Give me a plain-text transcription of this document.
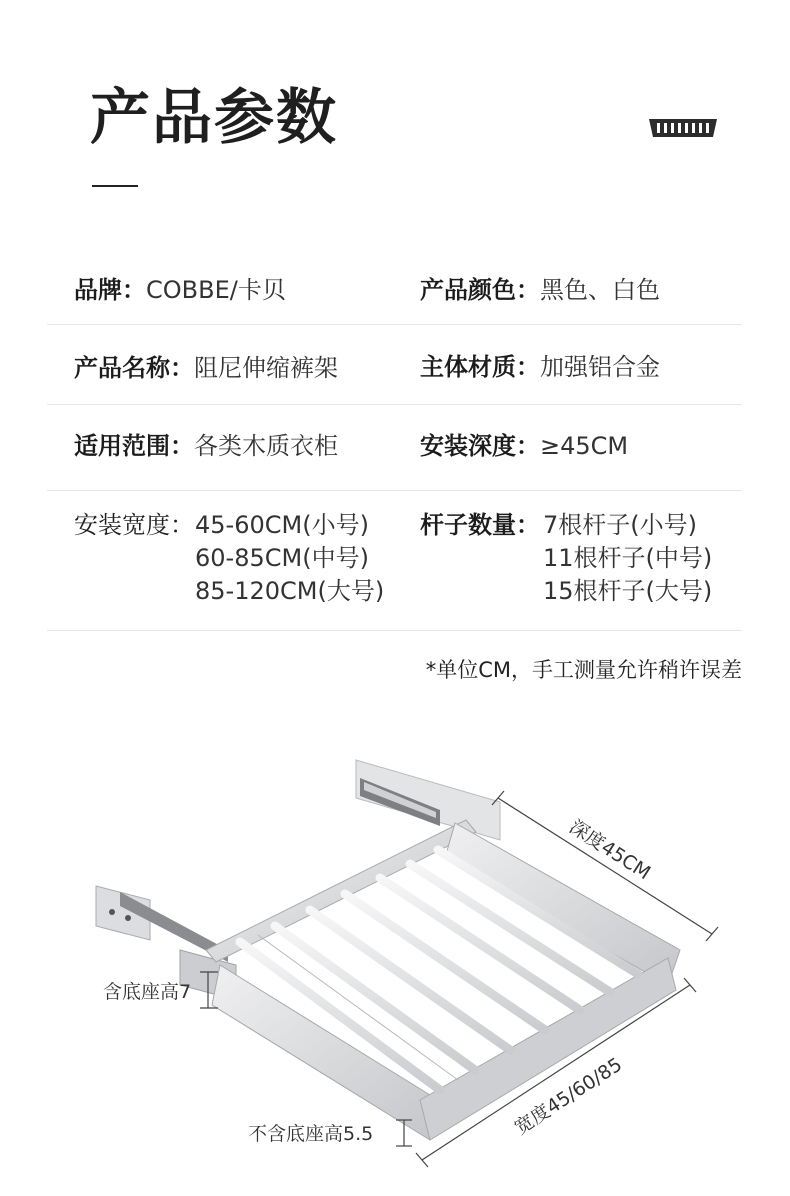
产品参数
品牌：COBBE/卡贝	产品颜色：黑色、白色
产品名称：阻尼伸缩裤架	主体材质：加强铝合金
适用范围：各类木质衣柜	安装深度：≥45CM
安装宽度： 45-60CM(小号)
60-85CM(中号)
85-120CM(大号)
杆子数量： 7根杆子(小号)
11根杆子(中号)
15根杆子(大号)
*单位CM，手工测量允许稍许误差
深度45CM
宽度45/60/85
含底座高7
不含底座高5.5
